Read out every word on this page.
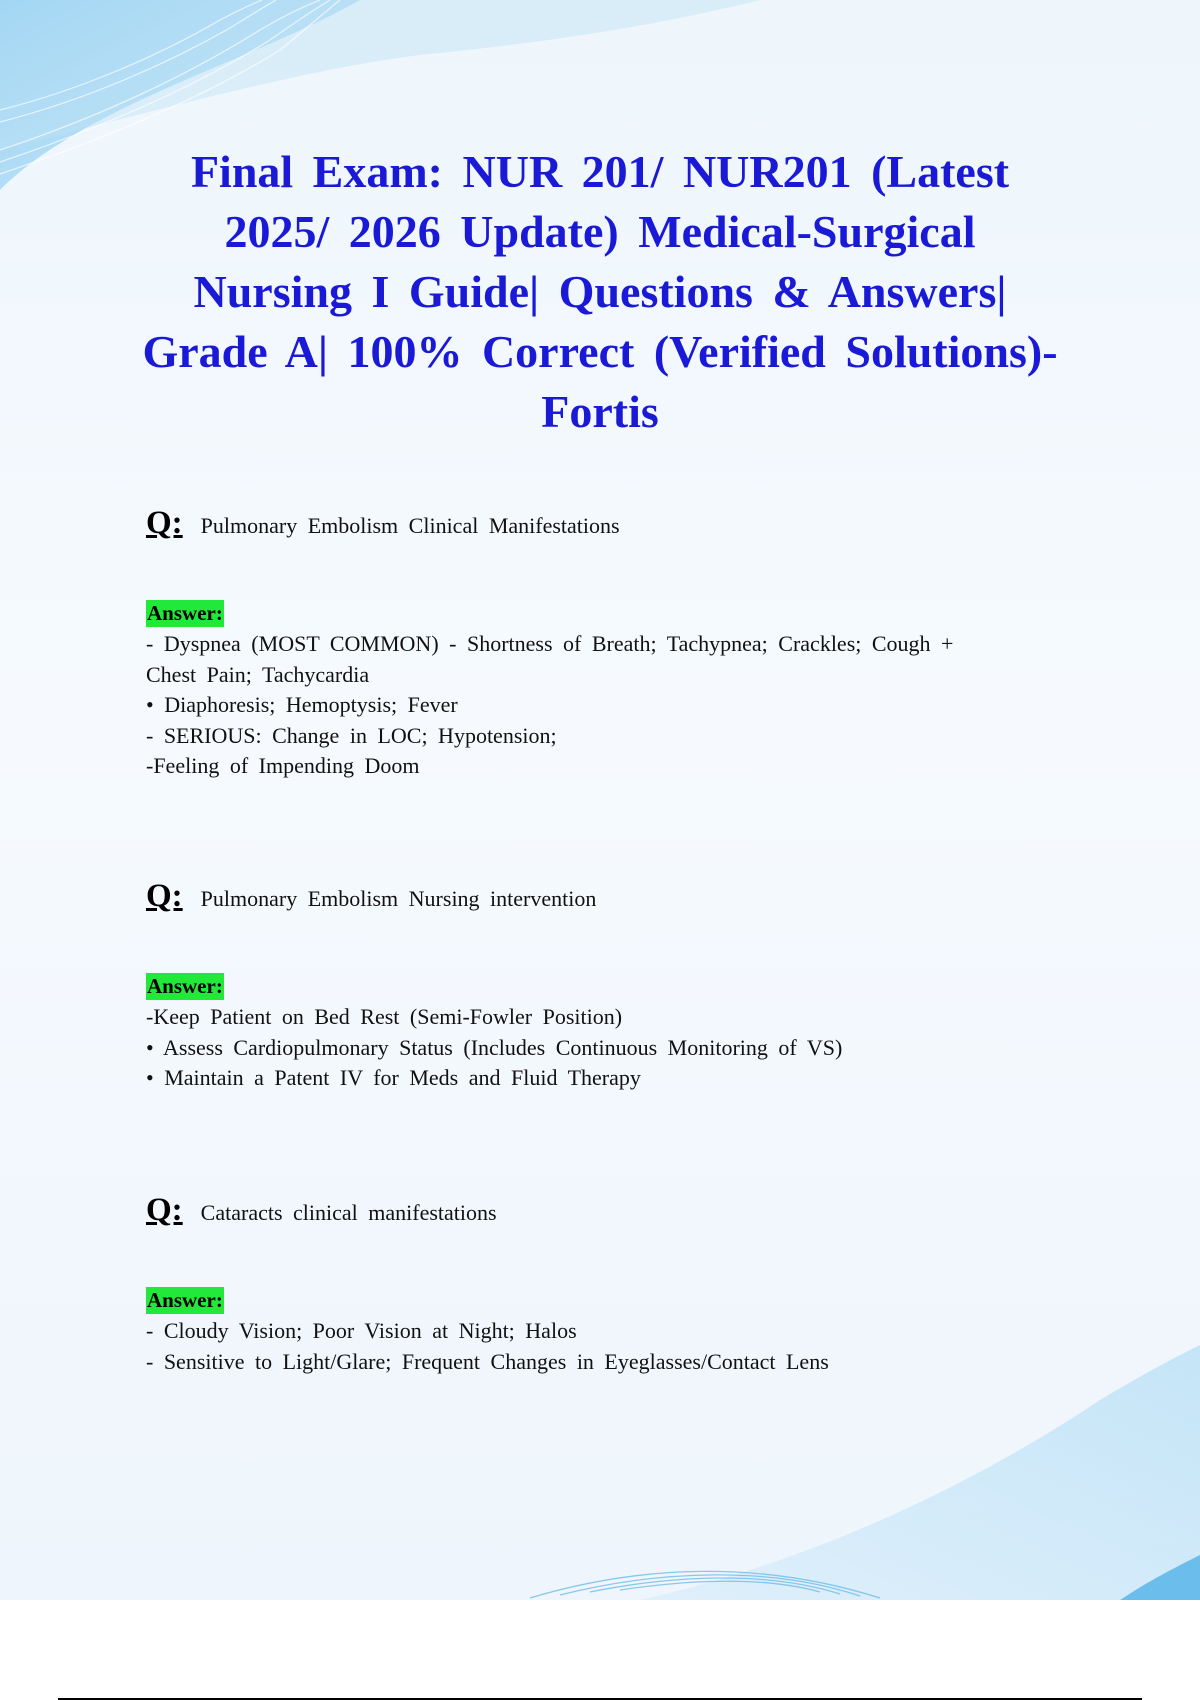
Final Exam: NUR 201/ NUR201 (Latest 2025/ 2026 Update) Medical-Surgical Nursing I Guide| Questions & Answers| Grade A| 100% Correct (Verified Solutions)- Fortis
Q: Pulmonary Embolism Clinical Manifestations
Answer:
- Dyspnea (MOST COMMON) - Shortness of Breath; Tachypnea; Crackles; Cough +
Chest Pain; Tachycardia
• Diaphoresis; Hemoptysis; Fever
- SERIOUS: Change in LOC; Hypotension;
-Feeling of Impending Doom
Q: Pulmonary Embolism Nursing intervention
Answer:
-Keep Patient on Bed Rest (Semi-Fowler Position)
• Assess Cardiopulmonary Status (Includes Continuous Monitoring of VS)
• Maintain a Patent IV for Meds and Fluid Therapy
Q: Cataracts clinical manifestations
Answer:
- Cloudy Vision; Poor Vision at Night; Halos
- Sensitive to Light/Glare; Frequent Changes in Eyeglasses/Contact Lens
